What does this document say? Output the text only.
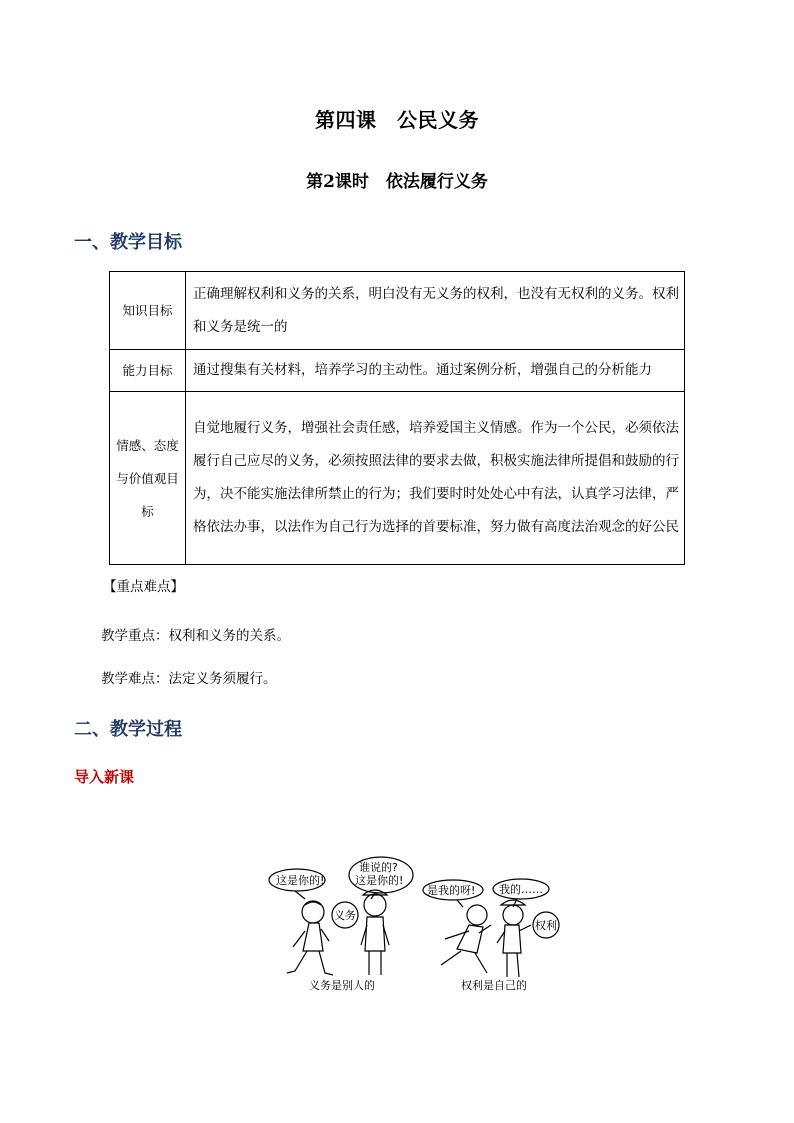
第四课　公民义务
第2课时　依法履行义务
一、教学目标
知识目标	正确理解权利和义务的关系，明白没有无义务的权利，也没有无权利的义务。权利和义务是统一的
能力目标	通过搜集有关材料，培养学习的主动性。通过案例分析，增强自己的分析能力
情感、态度与价值观目标	自觉地履行义务，增强社会责任感，培养爱国主义情感。作为一个公民，必须依法履行自己应尽的义务，必须按照法律的要求去做，积极实施法律所提倡和鼓励的行为，决不能实施法律所禁止的行为；我们要时时处处心中有法，认真学习法律，严格依法办事，以法作为自己行为选择的首要标准，努力做有高度法治观念的好公民
【重点难点】
教学重点：权利和义务的关系。
教学难点：法定义务须履行。
二、教学过程
导入新课
这是你的!
谁说的?
这是你的!
义务
义务是别人的
是我的呀! 我的……
权利
权利是自己的
